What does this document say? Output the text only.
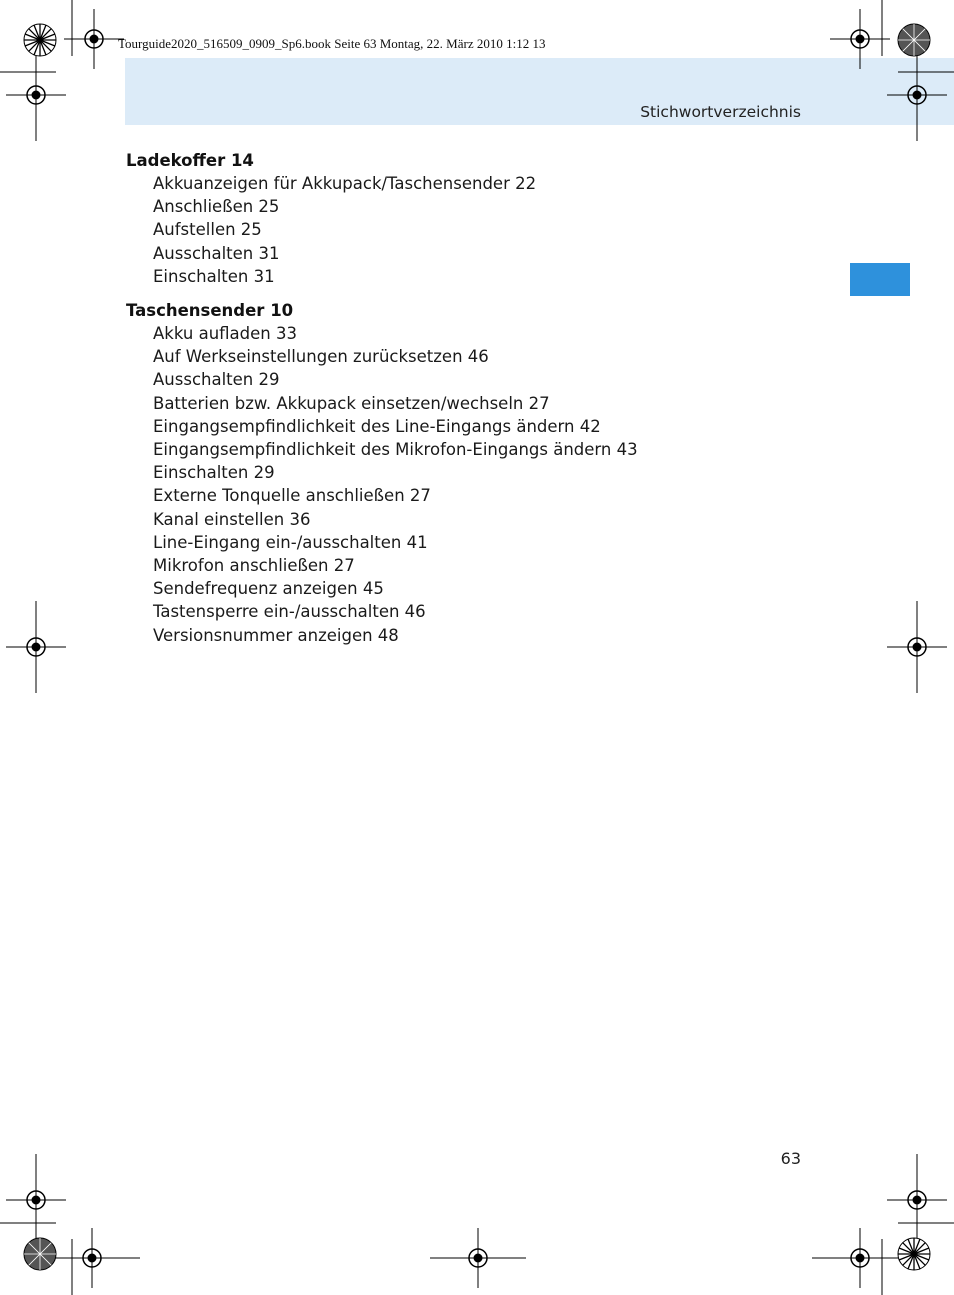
Tourguide2020_516509_0909_Sp6.book Seite 63 Montag, 22. März 2010 1:12 13
Stichwortverzeichnis
Ladekoffer 14
Akkuanzeigen für Akkupack/Taschensender 22
Anschließen 25
Aufstellen 25
Ausschalten 31
Einschalten 31
Taschensender 10
Akku aufladen 33
Auf Werkseinstellungen zurücksetzen 46
Ausschalten 29
Batterien bzw. Akkupack einsetzen/wechseln 27
Eingangsempfindlichkeit des Line-Eingangs ändern 42
Eingangsempfindlichkeit des Mikrofon-Eingangs ändern 43
Einschalten 29
Externe Tonquelle anschließen 27
Kanal einstellen 36
Line-Eingang ein-/ausschalten 41
Mikrofon anschließen 27
Sendefrequenz anzeigen 45
Tastensperre ein-/ausschalten 46
Versionsnummer anzeigen 48
63
